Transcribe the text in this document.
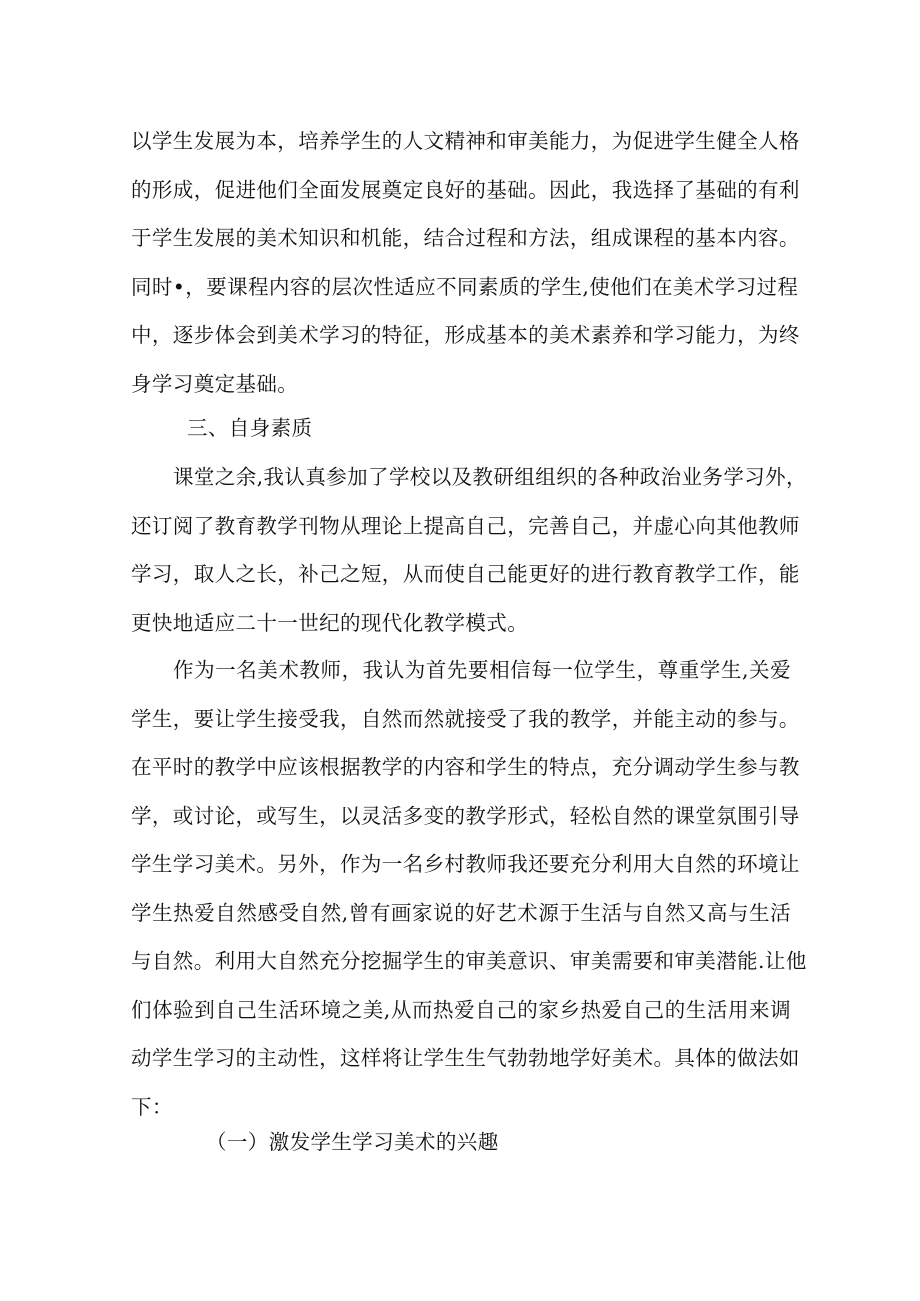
以学生发展为本，培养学生的人文精神和审美能力，为促进学生健全人格
的形成，促进他们全面发展奠定良好的基础。因此，我选择了基础的有利
于学生发展的美术知识和机能，结合过程和方法，组成课程的基本内容。
同时•，要课程内容的层次性适应不同素质的学生,使他们在美术学习过程
中，逐步体会到美术学习的特征，形成基本的美术素养和学习能力，为终
身学习奠定基础。
三、自身素质
课堂之余,我认真参加了学校以及教研组组织的各种政治业务学习外，
还订阅了教育教学刊物从理论上提高自己，完善自己，并虚心向其他教师
学习，取人之长，补己之短，从而使自己能更好的进行教育教学工作，能
更快地适应二十一世纪的现代化教学模式。
作为一名美术教师，我认为首先要相信每一位学生，尊重学生,关爱
学生，要让学生接受我，自然而然就接受了我的教学，并能主动的参与。
在平时的教学中应该根据教学的内容和学生的特点，充分调动学生参与教
学，或讨论，或写生，以灵活多变的教学形式，轻松自然的课堂氛围引导
学生学习美术。另外，作为一名乡村教师我还要充分利用大自然的环境让
学生热爱自然感受自然,曾有画家说的好艺术源于生活与自然又高与生活
与自然。利用大自然充分挖掘学生的审美意识、审美需要和审美潜能.让他
们体验到自己生活环境之美,从而热爱自己的家乡热爱自己的生活用来调
动学生学习的主动性，这样将让学生生气勃勃地学好美术。具体的做法如
下：
（一）激发学生学习美术的兴趣
